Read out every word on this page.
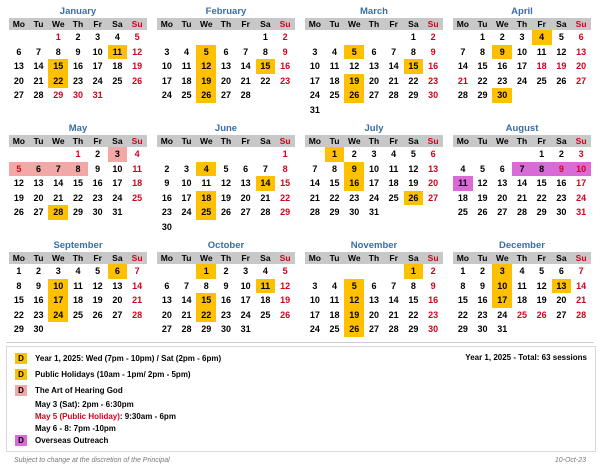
January
Mo	Tu	We	Th	Fr	Sa	Su
		1	2	3	4	5
6	7	8	9	10	11	12
13	14	15	16	17	18	19
20	21	22	23	24	25	26
27	28	29	30	31		
February
Mo	Tu	We	Th	Fr	Sa	Su
					1	2
3	4	5	6	7	8	9
10	11	12	13	14	15	16
17	18	19	20	21	22	23
24	25	26	27	28		
March
Mo	Tu	We	Th	Fr	Sa	Su
					1	2
3	4	5	6	7	8	9
10	11	12	13	14	15	16
17	18	19	20	21	22	23
24	25	26	27	28	29	30
31						
April
Mo	Tu	We	Th	Fr	Sa	Su
	1	2	3	4	5	6
7	8	9	10	11	12	13
14	15	16	17	18	19	20
21	22	23	24	25	26	27
28	29	30				
May
Mo	Tu	We	Th	Fr	Sa	Su
			1	2	3	4
5	6	7	8	9	10	11
12	13	14	15	16	17	18
19	20	21	22	23	24	25
26	27	28	29	30	31	
June
Mo	Tu	We	Th	Fr	Sa	Su
						1
2	3	4	5	6	7	8
9	10	11	12	13	14	15
16	17	18	19	20	21	22
23	24	25	26	27	28	29
30						
July
Mo	Tu	We	Th	Fr	Sa	Su
	1	2	3	4	5	6
7	8	9	10	11	12	13
14	15	16	17	18	19	20
21	22	23	24	25	26	27
28	29	30	31			
August
Mo	Tu	We	Th	Fr	Sa	Su
				1	2	3
4	5	6	7	8	9	10
11	12	13	14	15	16	17
18	19	20	21	22	23	24
25	26	27	28	29	30	31
September
Mo	Tu	We	Th	Fr	Sa	Su
1	2	3	4	5	6	7
8	9	10	11	12	13	14
15	16	17	18	19	20	21
22	23	24	25	26	27	28
29	30					
October
Mo	Tu	We	Th	Fr	Sa	Su
		1	2	3	4	5
6	7	8	9	10	11	12
13	14	15	16	17	18	19
20	21	22	23	24	25	26
27	28	29	30	31		
November
Mo	Tu	We	Th	Fr	Sa	Su
					1	2
3	4	5	6	7	8	9
10	11	12	13	14	15	16
17	18	19	20	21	22	23
24	25	26	27	28	29	30
December
Mo	Tu	We	Th	Fr	Sa	Su
1	2	3	4	5	6	7
8	9	10	11	12	13	14
15	16	17	18	19	20	21
22	23	24	25	26	27	28
29	30	31				
D	Year 1, 2025: Wed (7pm - 10pm) / Sat (2pm - 6pm)	Year 1, 2025 - Total: 63 sessions
D	Public Holidays (10am - 1pm/ 2pm - 5pm)
D	The Art of Hearing God
May 3 (Sat): 2pm - 6:30pm
May 5 (Public Holiday): 9:30am - 6pm
May 6 - 8: 7pm -10pm
D	Overseas Outreach
Subject to change at the discretion of the Principal	10-Oct-23
